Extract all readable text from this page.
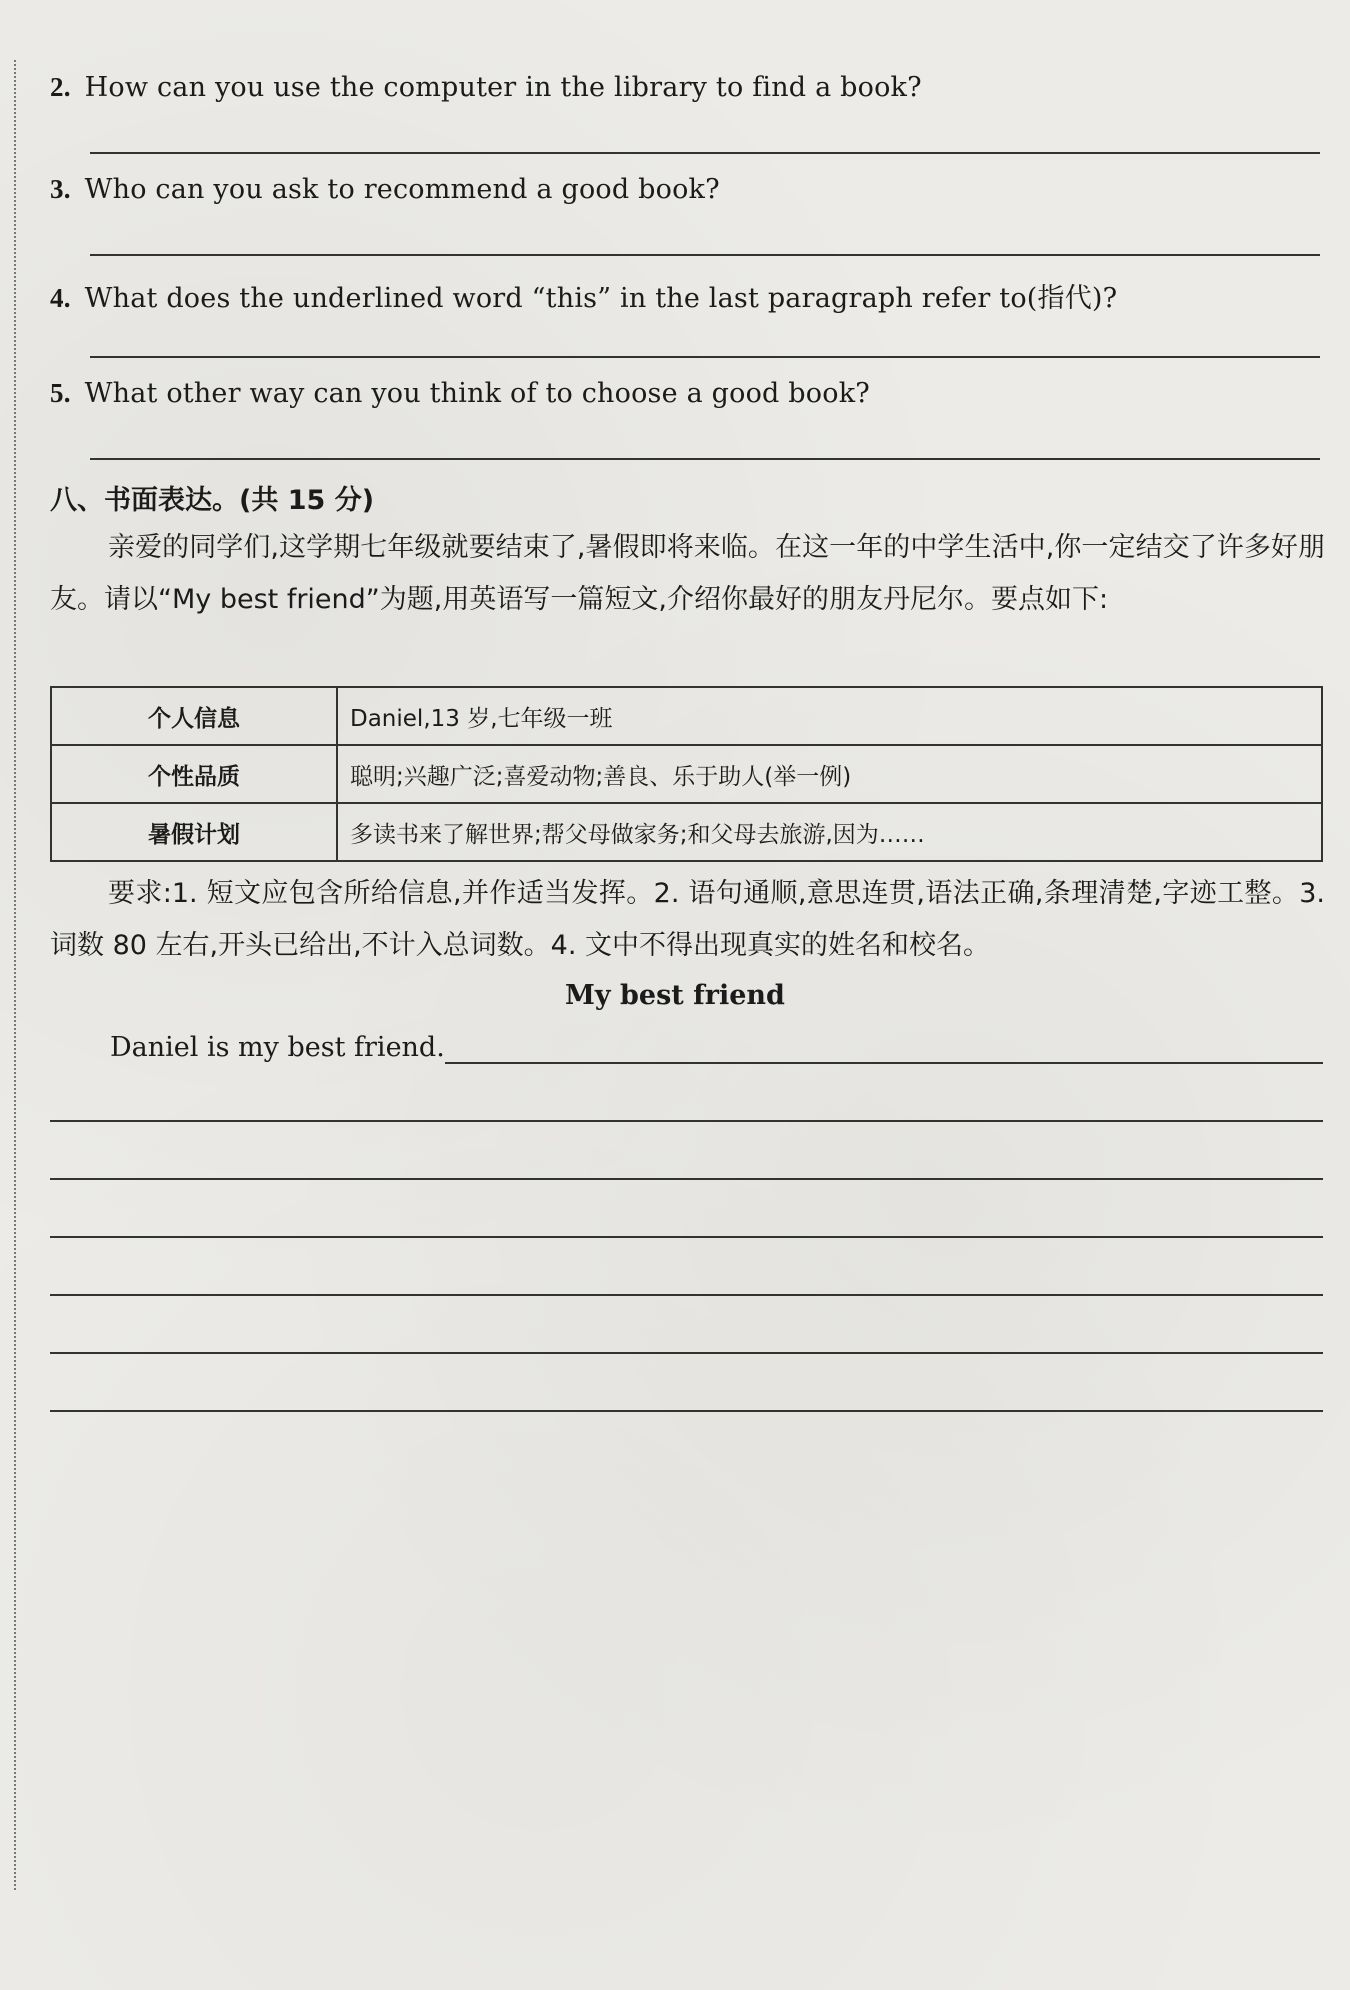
2. How can you use the computer in the library to find a book?
3. Who can you ask to recommend a good book?
4. What does the underlined word “this” in the last paragraph refer to(指代)?
5. What other way can you think of to choose a good book?
八、书面表达。(共 15 分)
亲爱的同学们,这学期七年级就要结束了,暑假即将来临。在这一年的中学生活中,你一定结交了许多好朋友。请以“My best friend”为题,用英语写一篇短文,介绍你最好的朋友丹尼尔。要点如下:
个人信息	Daniel,13 岁,七年级一班
个性品质	聪明;兴趣广泛;喜爱动物;善良、乐于助人(举一例)
暑假计划	多读书来了解世界;帮父母做家务;和父母去旅游,因为……
要求:1. 短文应包含所给信息,并作适当发挥。2. 语句通顺,意思连贯,语法正确,条理清楚,字迹工整。3. 词数 80 左右,开头已给出,不计入总词数。4. 文中不得出现真实的姓名和校名。
My best friend
Daniel is my best friend.
